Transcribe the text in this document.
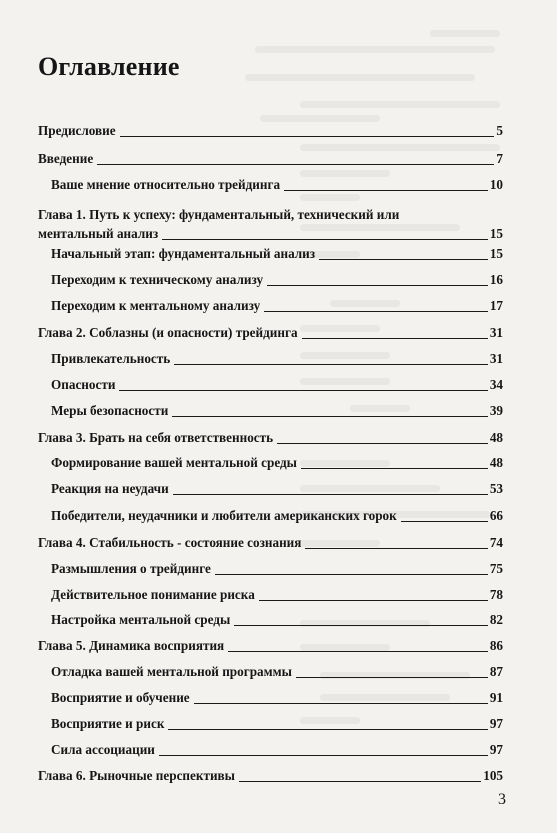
Оглавление
Предисловие	5
Введение	7
Ваше мнение относительно трейдинга	10
Глава 1. Путь к успеху: фундаментальный, технический или
ментальный анализ	15
Начальный этап: фундаментальный анализ	15
Переходим к техническому анализу	16
Переходим к ментальному анализу	17
Глава 2. Соблазны (и опасности) трейдинга	31
Привлекательность	31
Опасности	34
Меры безопасности	39
Глава 3. Брать на себя ответственность	48
Формирование вашей ментальной среды	48
Реакция на неудачи	53
Победители, неудачники и любители американских горок	66
Глава 4. Стабильность - состояние сознания	74
Размышления о трейдинге	75
Действительное понимание риска	78
Настройка ментальной среды	82
Глава 5. Динамика восприятия	86
Отладка вашей ментальной программы	87
Восприятие и обучение	91
Восприятие и риск	97
Сила ассоциации	97
Глава 6. Рыночные перспективы	105
3
